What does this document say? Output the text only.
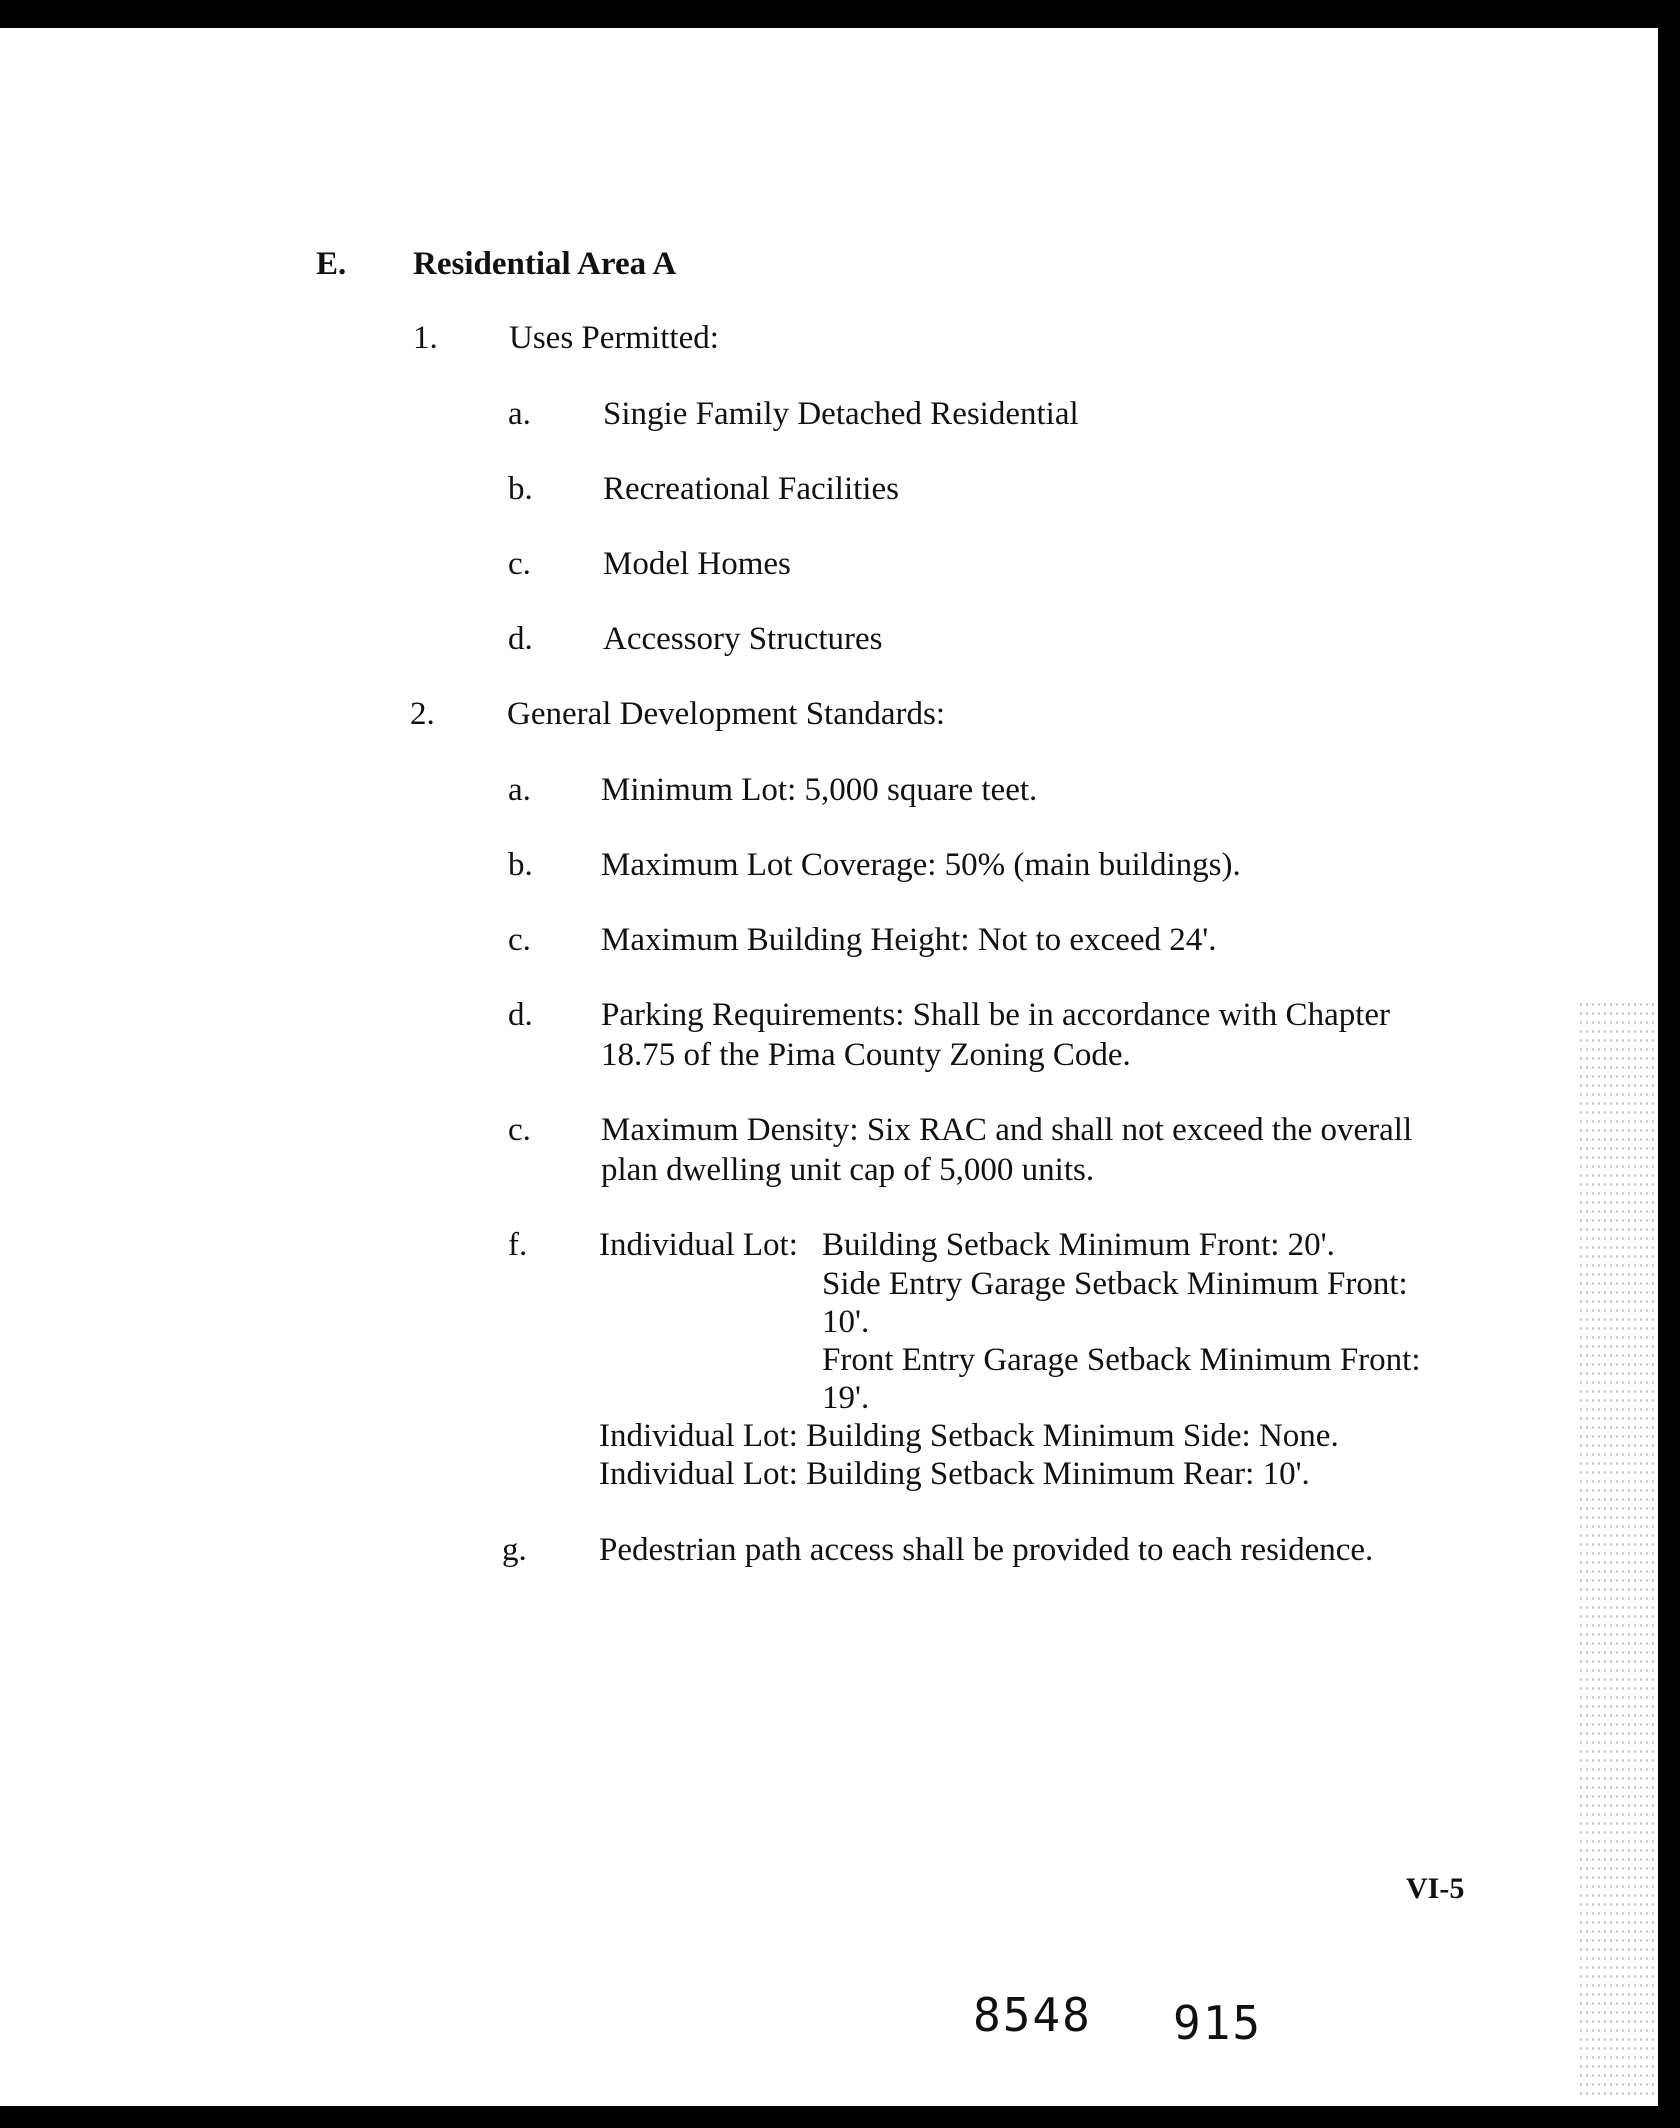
E. Residential Area A
1. Uses Permitted:
a. Singie Family Detached Residential
b. Recreational Facilities
c. Model Homes
d. Accessory Structures
2. General Development Standards:
a. Minimum Lot: 5,000 square teet.
b. Maximum Lot Coverage: 50% (main buildings).
c. Maximum Building Height: Not to exceed 24'.
d. Parking Requirements: Shall be in accordance with Chapter
18.75 of the Pima County Zoning Code.
c. Maximum Density: Six RAC and shall not exceed the overall
plan dwelling unit cap of 5,000 units.
f. Individual Lot: Building Setback Minimum Front: 20'.
Side Entry Garage Setback Minimum Front:
10'.
Front Entry Garage Setback Minimum Front:
19'.
Individual Lot: Building Setback Minimum Side: None.
Individual Lot: Building Setback Minimum Rear: 10'.
g. Pedestrian path access shall be provided to each residence.
VI-5
8548 915
